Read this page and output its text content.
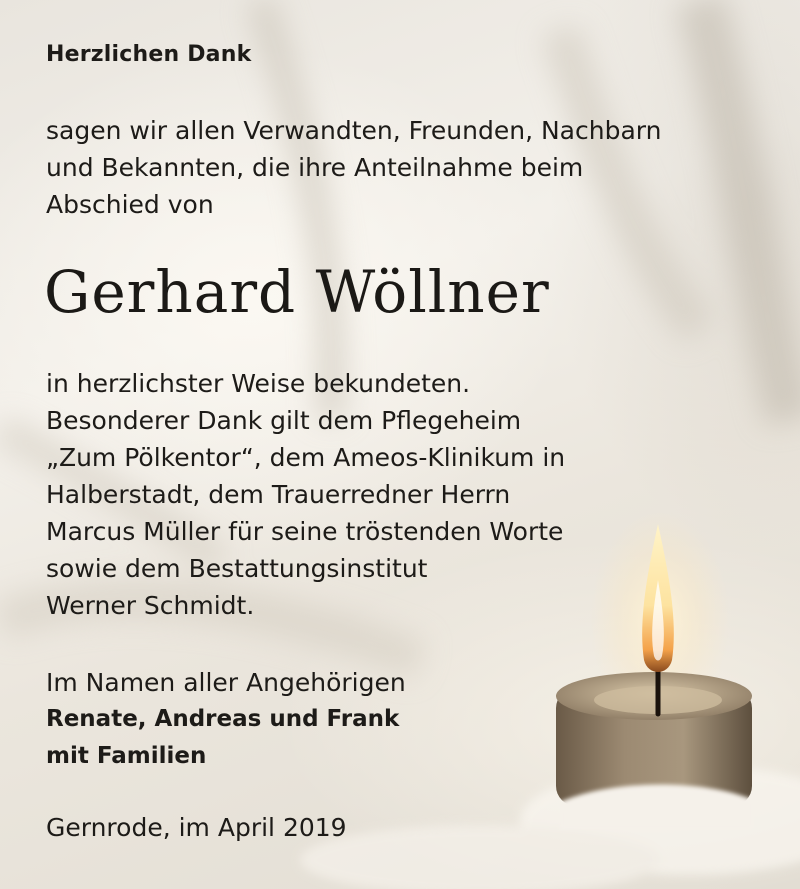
Herzlichen Dank
sagen wir allen Verwandten, Freunden, Nachbarn
und Bekannten, die ihre Anteilnahme beim
Abschied von
Gerhard Wöllner
in herzlichster Weise bekundeten.
Besonderer Dank gilt dem Pflegeheim
„Zum Pölkentor“, dem Ameos-Klinikum in
Halberstadt, dem Trauerredner Herrn
Marcus Müller für seine tröstenden Worte
sowie dem Bestattungsinstitut
Werner Schmidt.
Im Namen aller Angehörigen
Renate, Andreas und Frank
mit Familien
Gernrode, im April 2019
